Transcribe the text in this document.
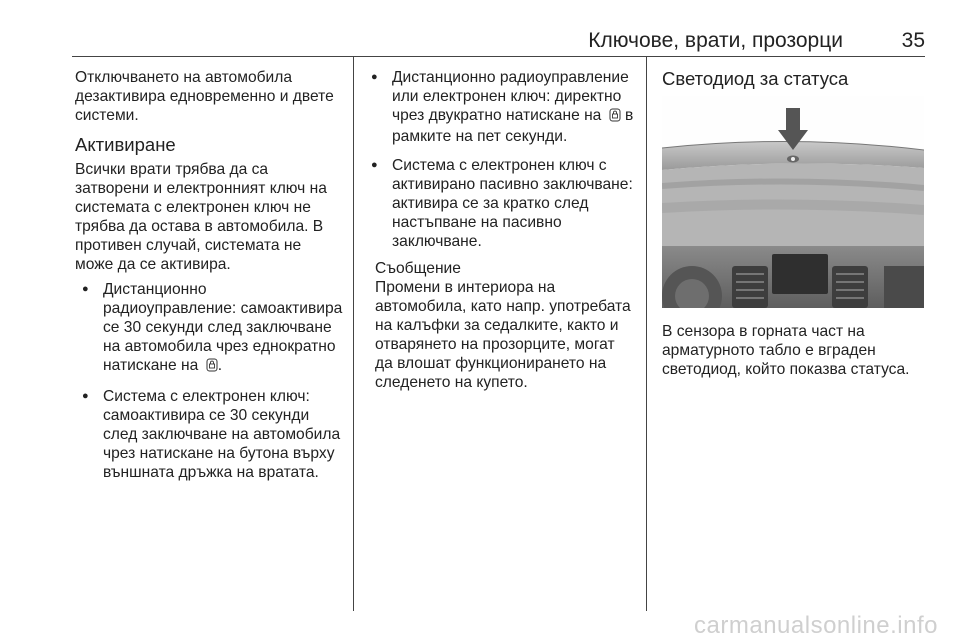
Ключове, врати, прозорци	35

Отключването на автомобила дезактивира едновременно и двете системи.

Активиране

Всички врати трябва да са затворени и електронният ключ на системата с електронен ключ не трябва да остава в автомобила. В противен случай, системата не може да се активира.

● Дистанционно радиоуправление: самоактивира се 30 секунди след заключване на автомобила чрез еднократно натискане на .
● Система с електронен ключ: самоактивира се 30 секунди след заключване на автомобила чрез натискане на бутона върху външната дръжка на вратата.
● Дистанционно радиоуправление или електронен ключ: директно чрез двукратно натискане на в рамките на пет секунди.
● Система с електронен ключ с активирано пасивно заключване: активира се за кратко след настъпване на пасивно заключване.

Съобщение

Промени в интериора на автомобила, като напр. употребата на калъфки за седалките, както и отварянето на прозорците, могат да влошат функционирането на следенето на купето.

Светодиод за статуса

В сензора в горната част на арматурното табло е вграден светодиод, който показва статуса.

carmanualsonline.info
